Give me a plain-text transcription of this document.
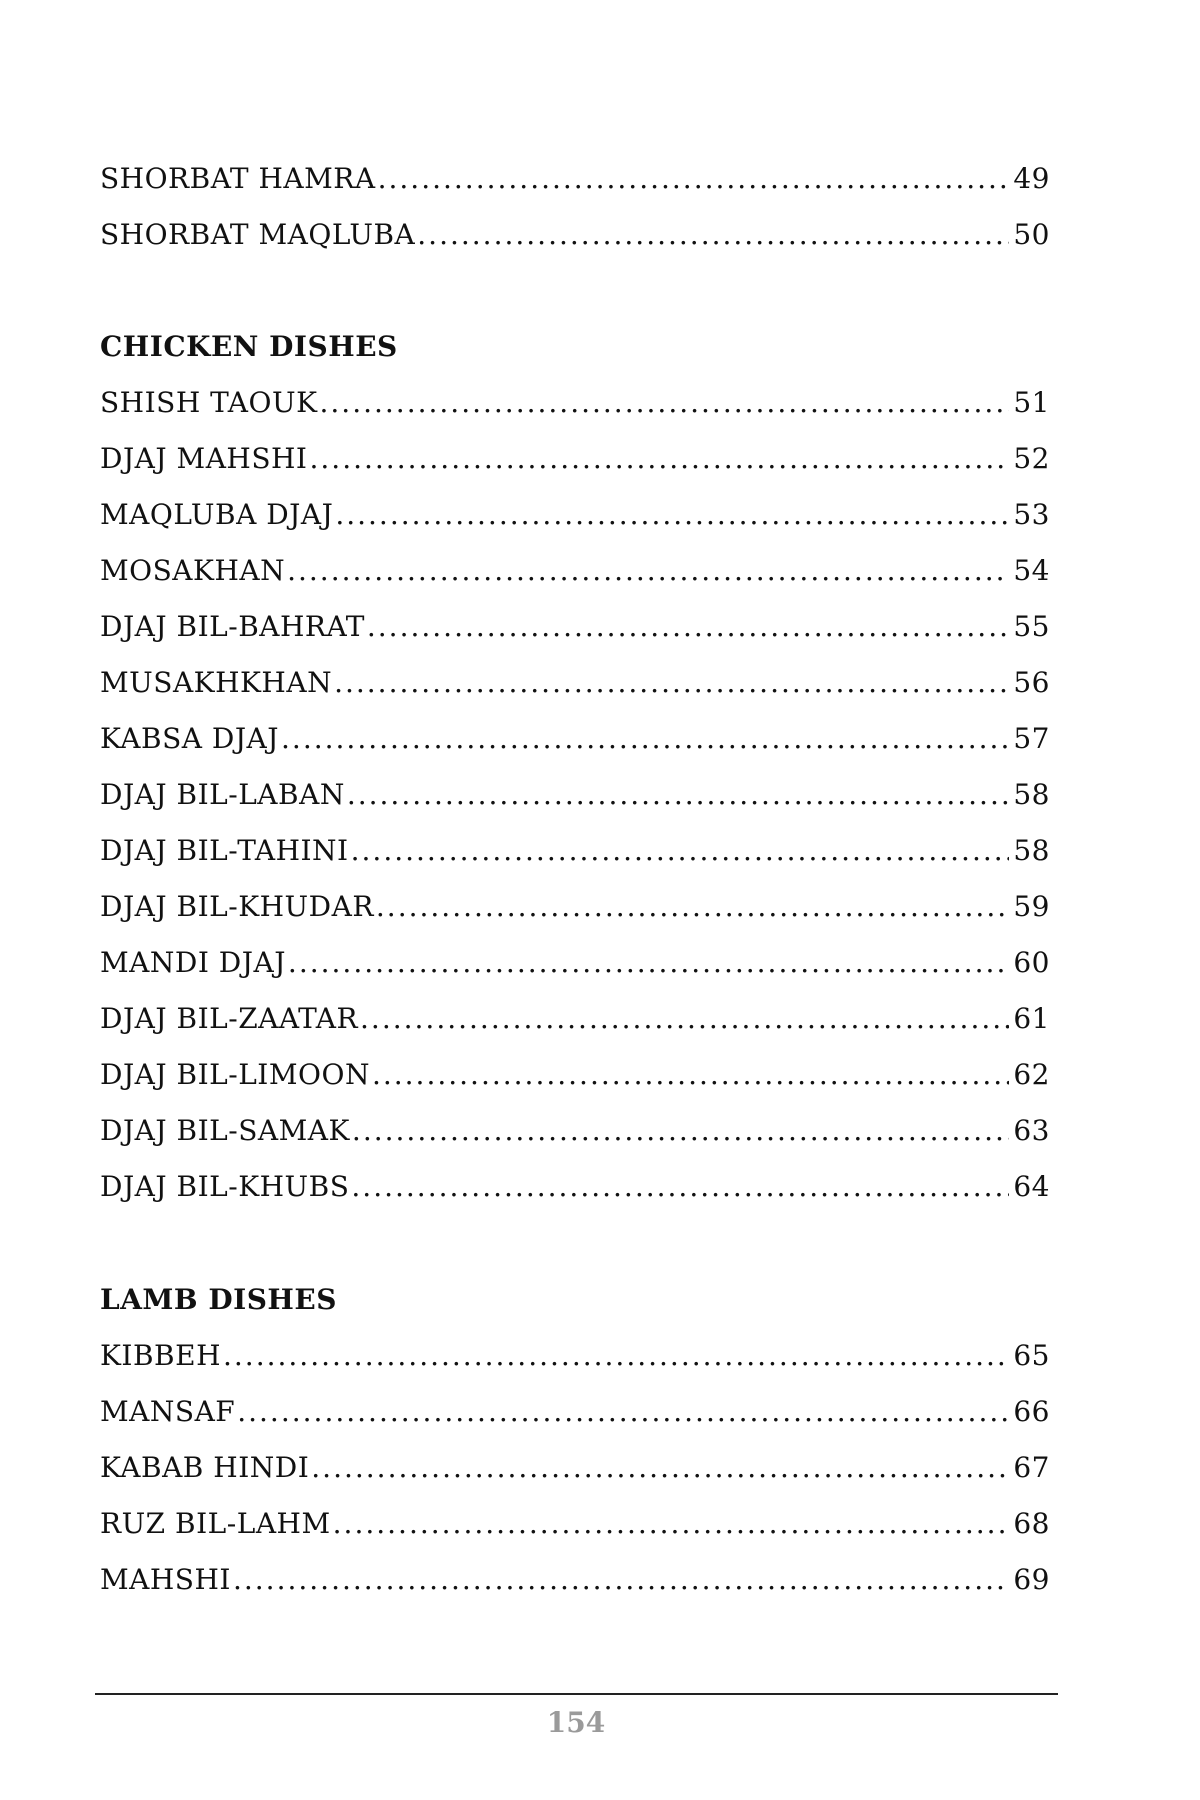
SHORBAT HAMRA .....	49
SHORBAT MAQLUBA .....	50
CHICKEN DISHES
SHISH TAOUK .....	51
DJAJ MAHSHI .....	52
MAQLUBA DJAJ .....	53
MOSAKHAN .....	54
DJAJ BIL-BAHRAT .....	55
MUSAKHKHAN .....	56
KABSA DJAJ .....	57
DJAJ BIL-LABAN .....	58
DJAJ BIL-TAHINI .....	58
DJAJ BIL-KHUDAR .....	59
MANDI DJAJ .....	60
DJAJ BIL-ZAATAR .....	61
DJAJ BIL-LIMOON .....	62
DJAJ BIL-SAMAK .....	63
DJAJ BIL-KHUBS .....	64
LAMB DISHES
KIBBEH .....	65
MANSAF .....	66
KABAB HINDI .....	67
RUZ BIL-LAHM .....	68
MAHSHI .....	69
154
